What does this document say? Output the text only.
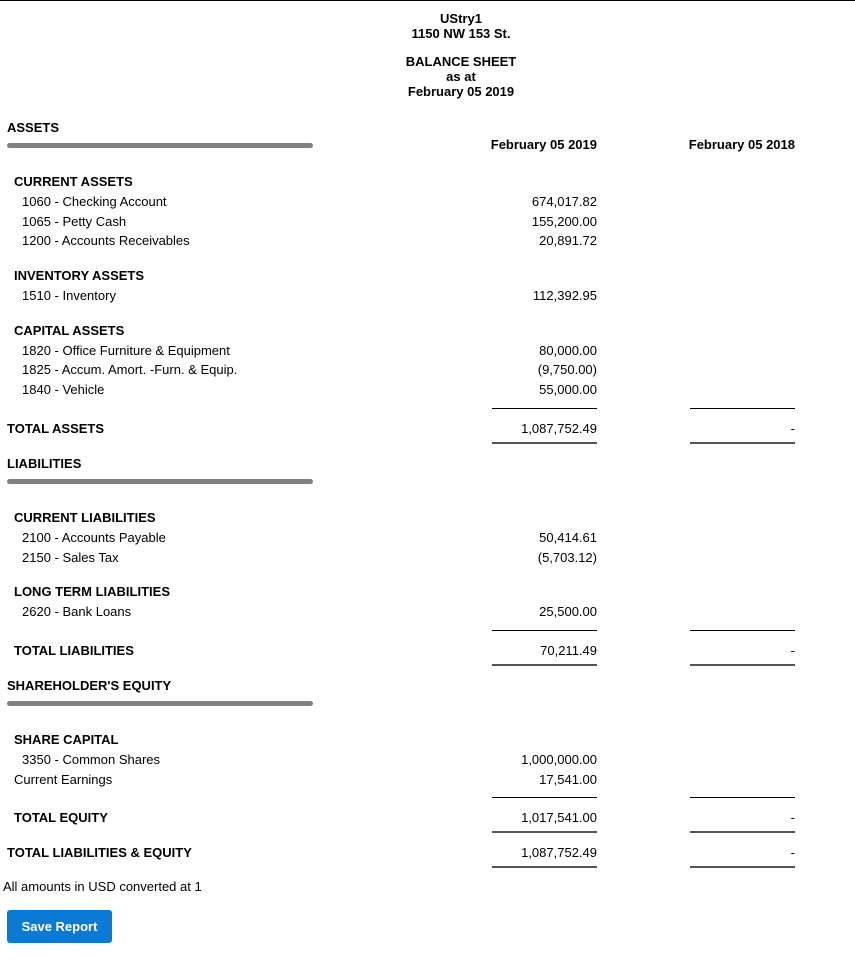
UStry1
1150 NW 153 St.
BALANCE SHEET
as at
February 05 2019
ASSETS
February 05 2019	February 05 2018
CURRENT ASSETS
1060 - Checking Account	674,017.82
1065 - Petty Cash	155,200.00
1200 - Accounts Receivables	20,891.72
INVENTORY ASSETS
1510 - Inventory	112,392.95
CAPITAL ASSETS
1820 - Office Furniture & Equipment	80,000.00
1825 - Accum. Amort. -Furn. & Equip.	(9,750.00)
1840 - Vehicle	55,000.00
TOTAL ASSETS	1,087,752.49	-
LIABILITIES
CURRENT LIABILITIES
2100 - Accounts Payable	50,414.61
2150 - Sales Tax	(5,703.12)
LONG TERM LIABILITIES
2620 - Bank Loans	25,500.00
TOTAL LIABILITIES	70,211.49	-
SHAREHOLDER'S EQUITY
SHARE CAPITAL
3350 - Common Shares	1,000,000.00
Current Earnings	17,541.00
TOTAL EQUITY	1,017,541.00	-
TOTAL LIABILITIES & EQUITY	1,087,752.49	-
All amounts in USD converted at 1
Save Report
